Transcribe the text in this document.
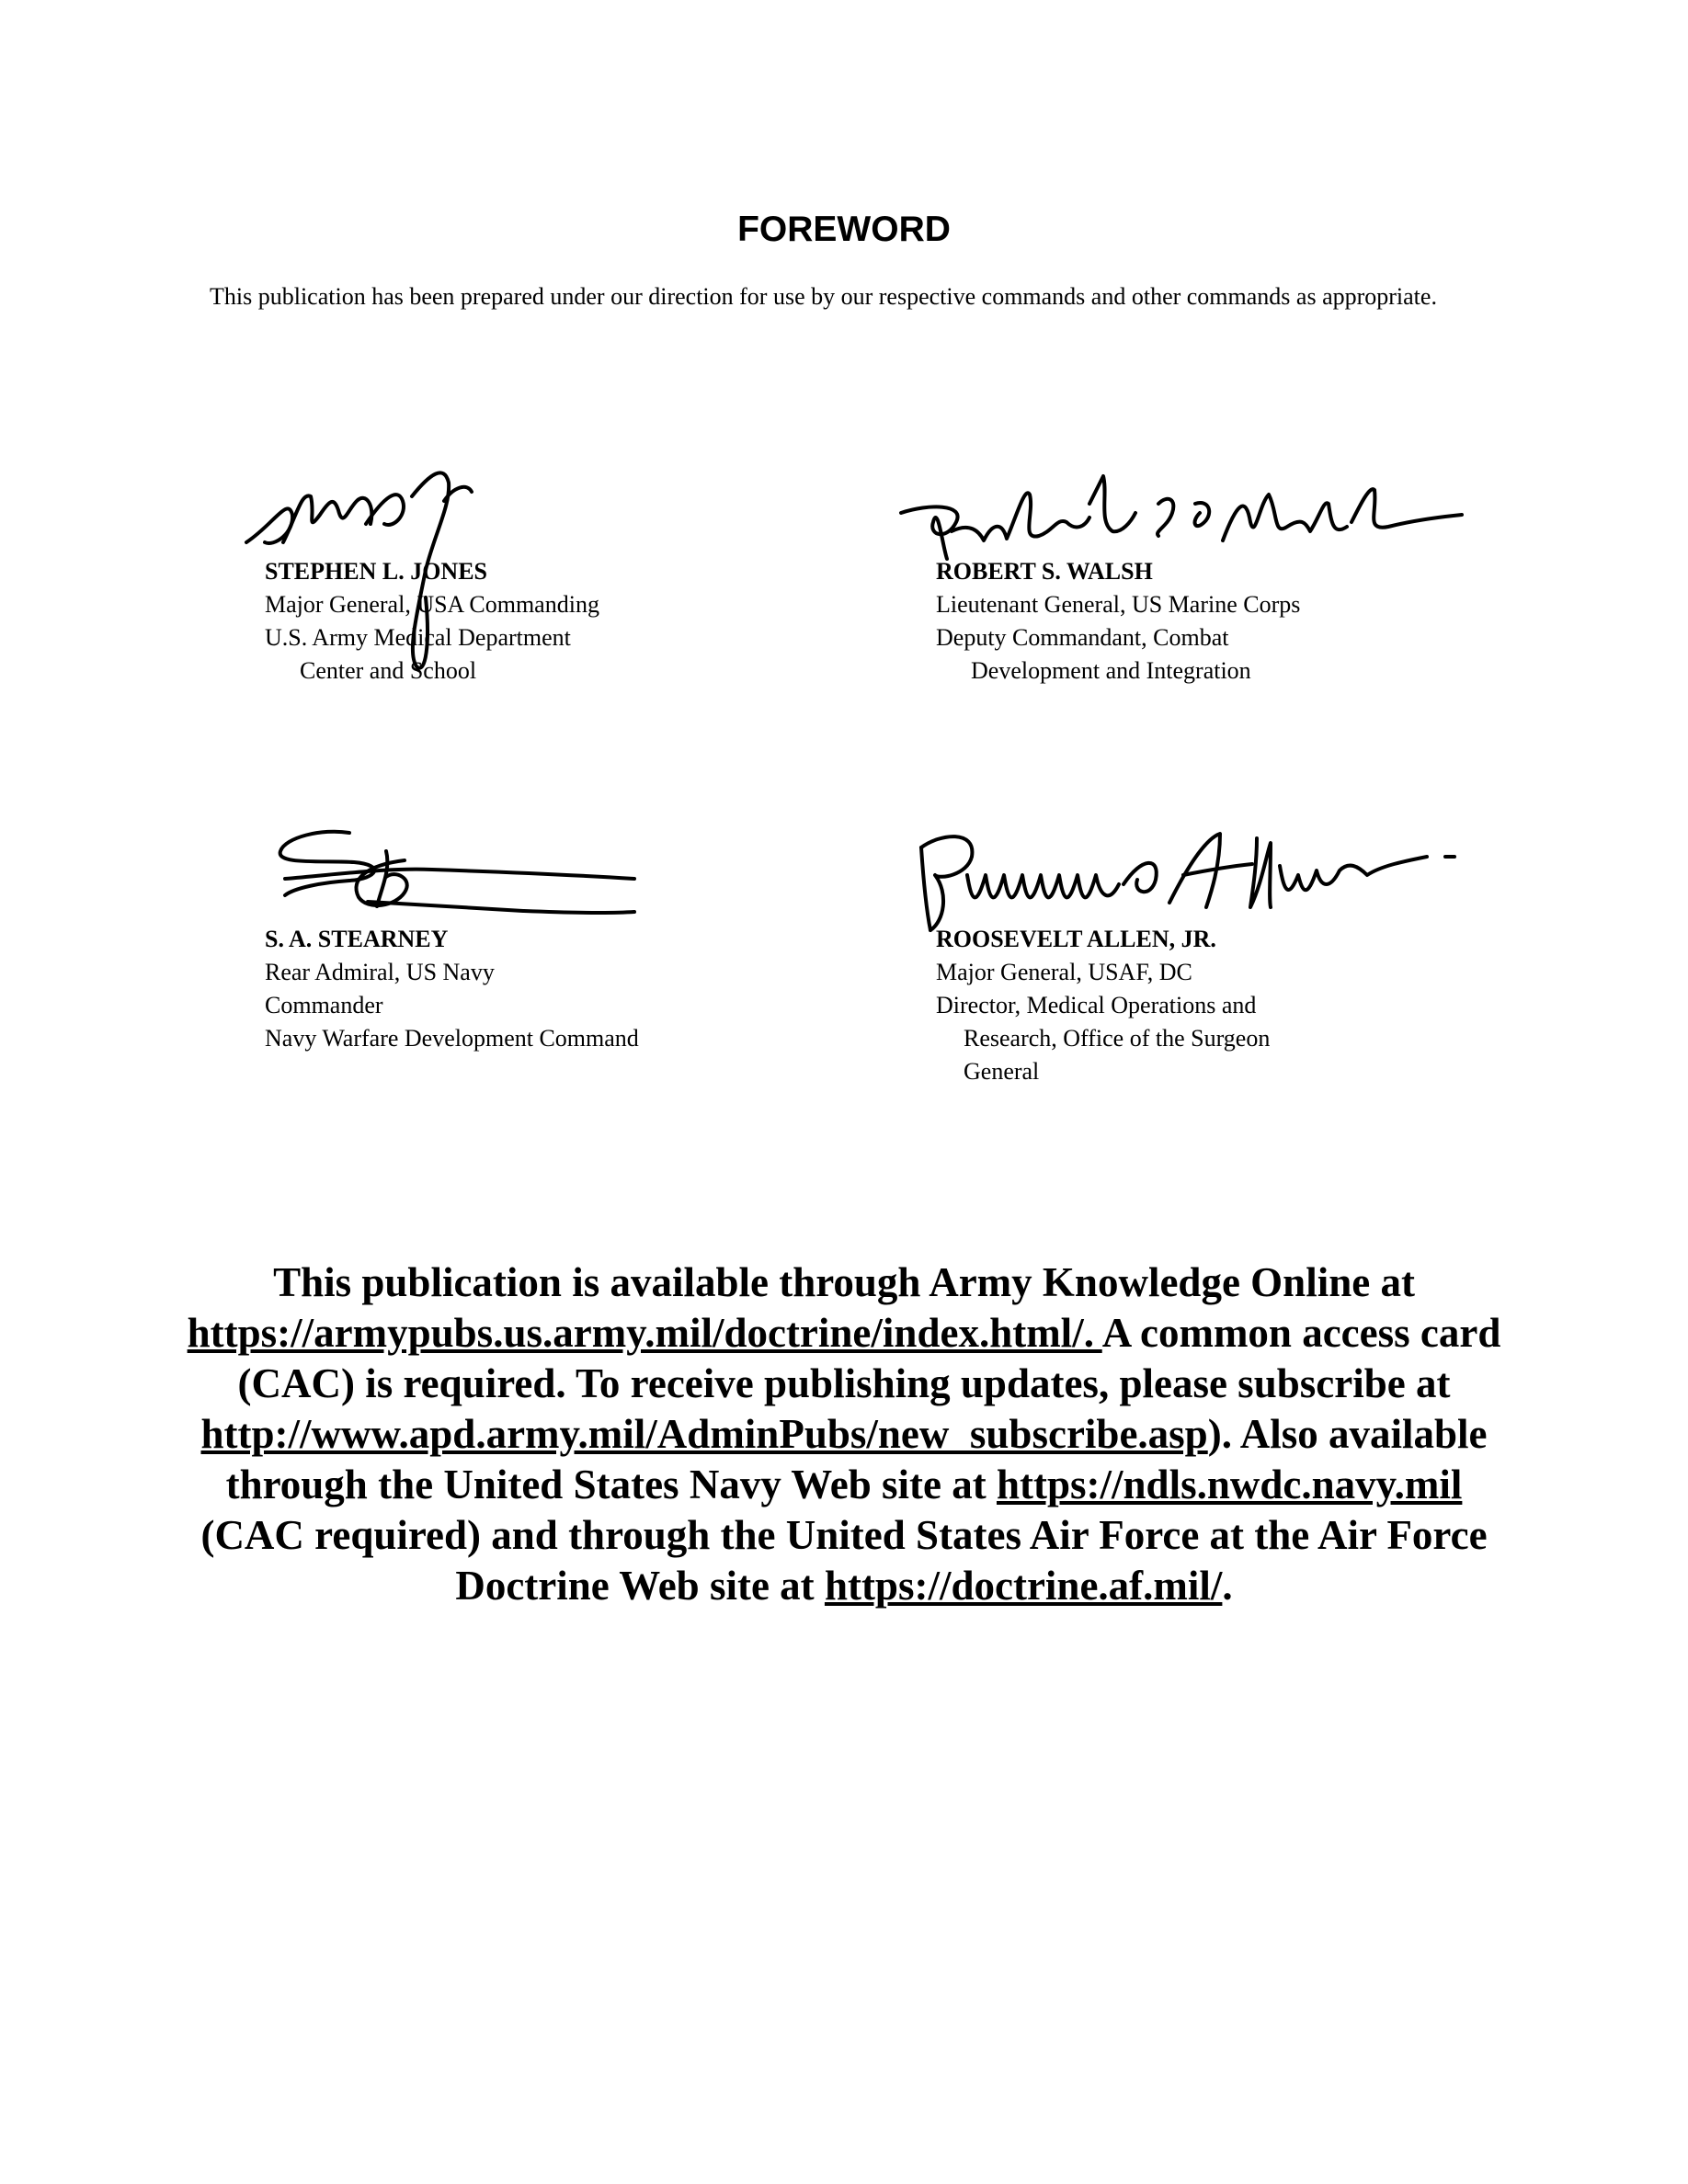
FOREWORD

This publication has been prepared under our direction for use by our respective commands and other commands as appropriate.

STEPHEN L. JONES
Major General, USA Commanding
U.S. Army Medical Department
Center and School
ROBERT S. WALSH
Lieutenant General, US Marine Corps
Deputy Commandant, Combat
Development and Integration
S. A. STEARNEY
Rear Admiral, US Navy
Commander
Navy Warfare Development Command
ROOSEVELT ALLEN, JR.
Major General, USAF, DC
Director, Medical Operations and
Research, Office of the Surgeon
General

This publication is available through Army Knowledge Online at https://armypubs.us.army.mil/doctrine/index.html/. A common access card (CAC) is required. To receive publishing updates, please subscribe at http://www.apd.army.mil/AdminPubs/new_subscribe.asp). Also available through the United States Navy Web site at https://ndls.nwdc.navy.mil (CAC required) and through the United States Air Force at the Air Force Doctrine Web site at https://doctrine.af.mil/.
